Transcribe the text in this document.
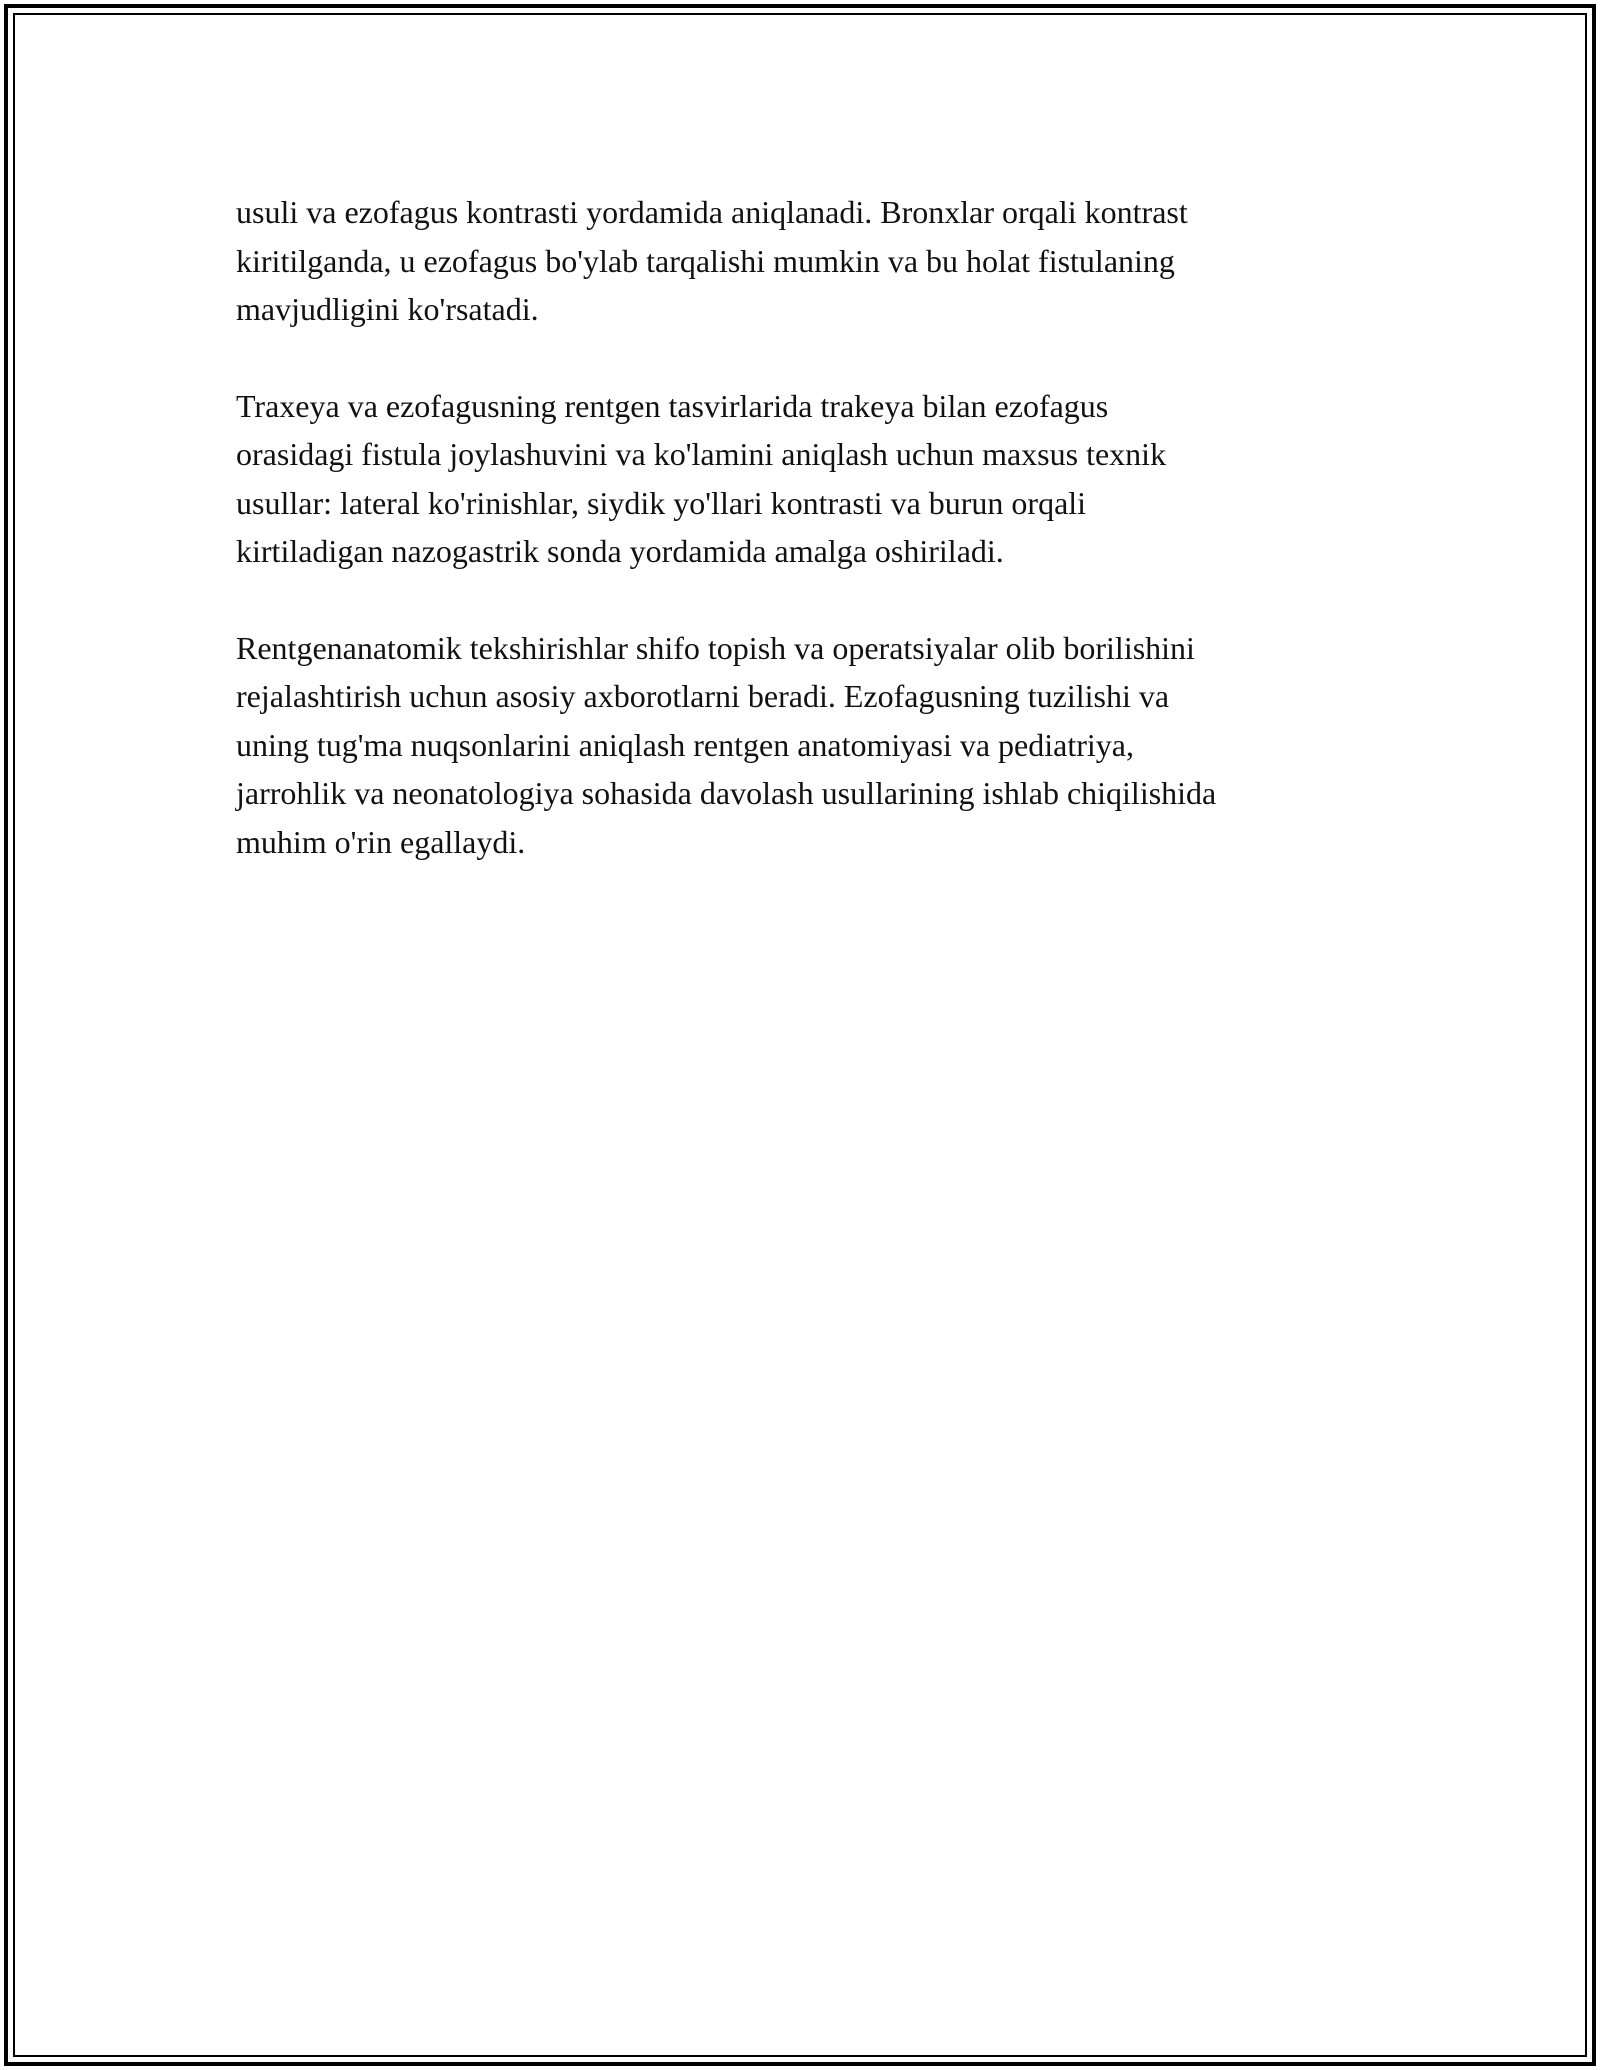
usuli va ezofagus kontrasti yordamida aniqlanadi. Bronxlar orqali kontrast
kiritilganda, u ezofagus bo'ylab tarqalishi mumkin va bu holat fistulaning
mavjudligini ko'rsatadi.

Traxeya va ezofagusning rentgen tasvirlarida trakeya bilan ezofagus
orasidagi fistula joylashuvini va ko'lamini aniqlash uchun maxsus texnik
usullar: lateral ko'rinishlar, siydik yo'llari kontrasti va burun orqali
kirtiladigan nazogastrik sonda yordamida amalga oshiriladi.

Rentgenanatomik tekshirishlar shifo topish va operatsiyalar olib borilishini
rejalashtirish uchun asosiy axborotlarni beradi. Ezofagusning tuzilishi va
uning tug'ma nuqsonlarini aniqlash rentgen anatomiyasi va pediatriya,
jarrohlik va neonatologiya sohasida davolash usullarining ishlab chiqilishida
muhim o'rin egallaydi.
